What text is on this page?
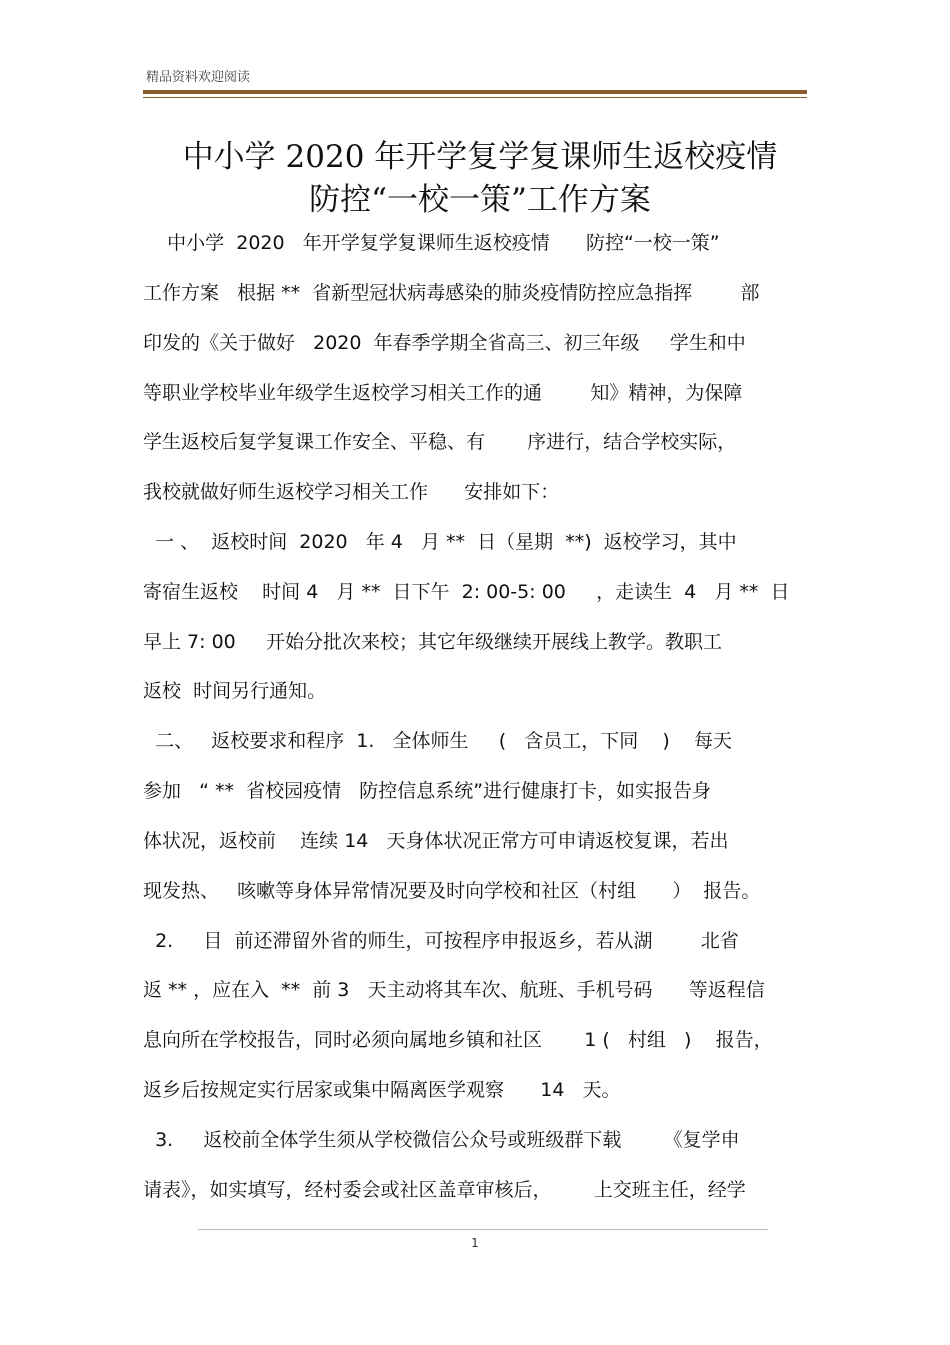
精品资料欢迎阅读
中小学 2020 年开学复学复课师生返校疫情
防控“一校一策”工作方案
中小学  2020   年开学复学复课师生返校疫情      防控“一校一策”
工作方案   根据 **  省新型冠状病毒感染的肺炎疫情防控应急指挥        部
印发的《关于做好   2020  年春季学期全省高三、初三年级     学生和中
等职业学校毕业年级学生返校学习相关工作的通        知》精神，为保障
学生返校后复学复课工作安全、平稳、有       序进行，结合学校实际，
我校就做好师生返校学习相关工作      安排如下：
一 、  返校时间  2020   年 4   月 **  日（星期  **)  返校学习，其中
寄宿生返校    时间 4   月 **  日下午  2: 00-5: 00     ，走读生  4   月 **  日
早上 7: 00     开始分批次来校；其它年级继续开展线上教学。教职工
返校  时间另行通知。
二、   返校要求和程序  1.   全体师生     (   含员工，下同    )    每天
参加   “ **  省校园疫情   防控信息系统”进行健康打卡，如实报告身
体状况，返校前    连续 14   天身体状况正常方可申请返校复课，若出
现发热、   咳嗽等身体异常情况要及时向学校和社区（村组      ）  报告。
2.     目  前还滞留外省的师生，可按程序申报返乡，若从湖        北省
返 ** ，应在入  **  前 3   天主动将其车次、航班、手机号码      等返程信
息向所在学校报告，同时必须向属地乡镇和社区       1 (   村组   )    报告，
返乡后按规定实行居家或集中隔离医学观察      14   天。
3.     返校前全体学生须从学校微信公众号或班级群下载       《复学申
请表》，如实填写，经村委会或社区盖章审核后，       上交班主任，经学
1
